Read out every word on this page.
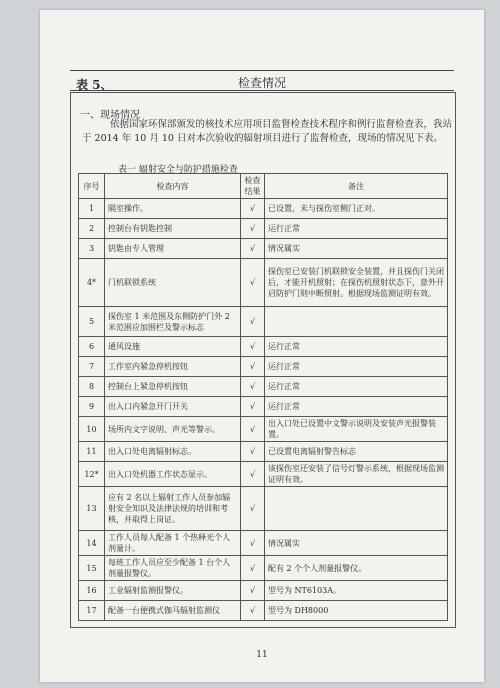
表 5、	检查情况
一、现场情况
依据国家环保部颁发的核技术应用项目监督检查技术程序和例行监督检查表，我站于 2014 年 10 月 10 日对本次验收的辐射项目进行了监督检查，现场的情况见下表。
表一 辐射安全与防护措施检查
序号	检查内容	检查结果	备注
1	隔室操作。	√	已设置，未与探伤室侧门正对。
2	控制台有钥匙控制	√	运行正常
3	钥匙由专人管理	√	情况属实
4*	门机联锁系统	√	探伤室已安装门机联锁安全装置，并且探伤门关闭后，才能开机照射；在探伤机照射状态下，意外开启防护门则中断照射。根据现场监测证明有效。
5	探伤室 1 米范围及东侧防护门外 2 米范围应加围栏及警示标志	√	
6	通风设施	√	运行正常
7	工作室内紧急停机按钮	√	运行正常
8	控制台上紧急停机按钮	√	运行正常
9	出入口内紧急开门开关	√	运行正常
10	场所内文字说明、声光等警示。	√	出入口处已设置中文警示说明及安装声光报警装置。
11	出入口处电离辐射标志。	√	已设置电离辐射警告标志
12*	出入口处机器工作状态显示。	√	该探伤室还安装了信号灯警示系统，根据现场监测证明有效。
13	应有 2 名以上辐射工作人员参加辐射安全知识及法律法规的培训和考核，并取得上岗证。	√	
14	工作人员每人配备 1 个热释光个人剂量计。	√	情况属实
15	每班工作人员应至少配备 1 台个人剂量报警仪。	√	配有 2 个个人剂量报警仪。
16	工业辐射监测报警仪。	√	型号为 NT6103A。
17	配备一台便携式伽马辐射监测仪	√	型号为 DH8000
11
